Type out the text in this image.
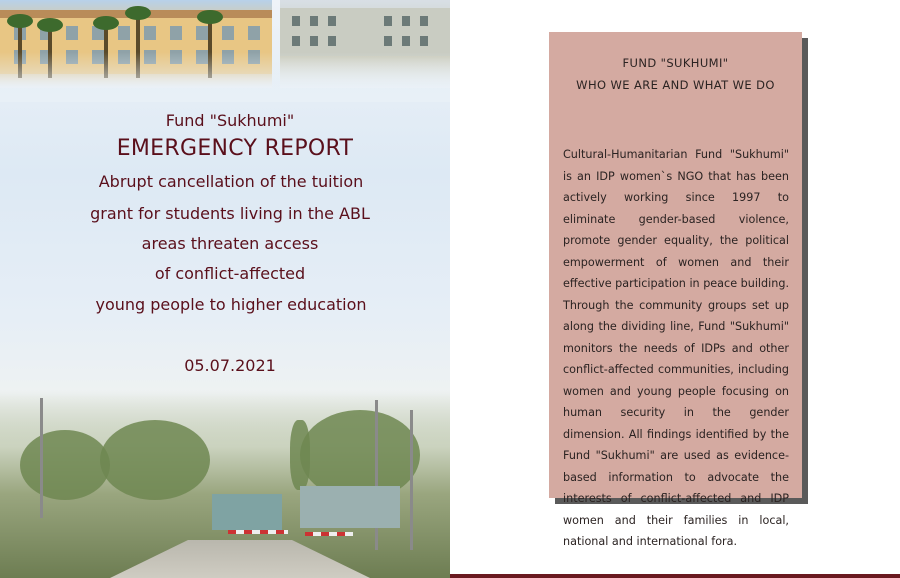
Fund "Sukhumi"
EMERGENCY REPORT
Abrupt cancellation of the tuition
grant for students living in the ABL
areas threaten access
of conflict-affected
young people to higher education
05.07.2021
FUND "SUKHUMI"
WHO WE ARE AND WHAT WE DO
Cultural-Humanitarian Fund "Sukhumi" is an IDP women`s NGO that has been actively working since 1997 to eliminate gender-based violence, promote gender equality, the political empowerment of women and their effective participation in peace building. Through the community groups set up along the dividing line, Fund "Sukhumi" monitors the needs of IDPs and other conflict-affected communities, including women and young people focusing on human security in the gender dimension. All findings identified by the Fund "Sukhumi" are used as evidence-based information to advocate the interests of conflict-affected and IDP women and their families in local, national and international fora.
